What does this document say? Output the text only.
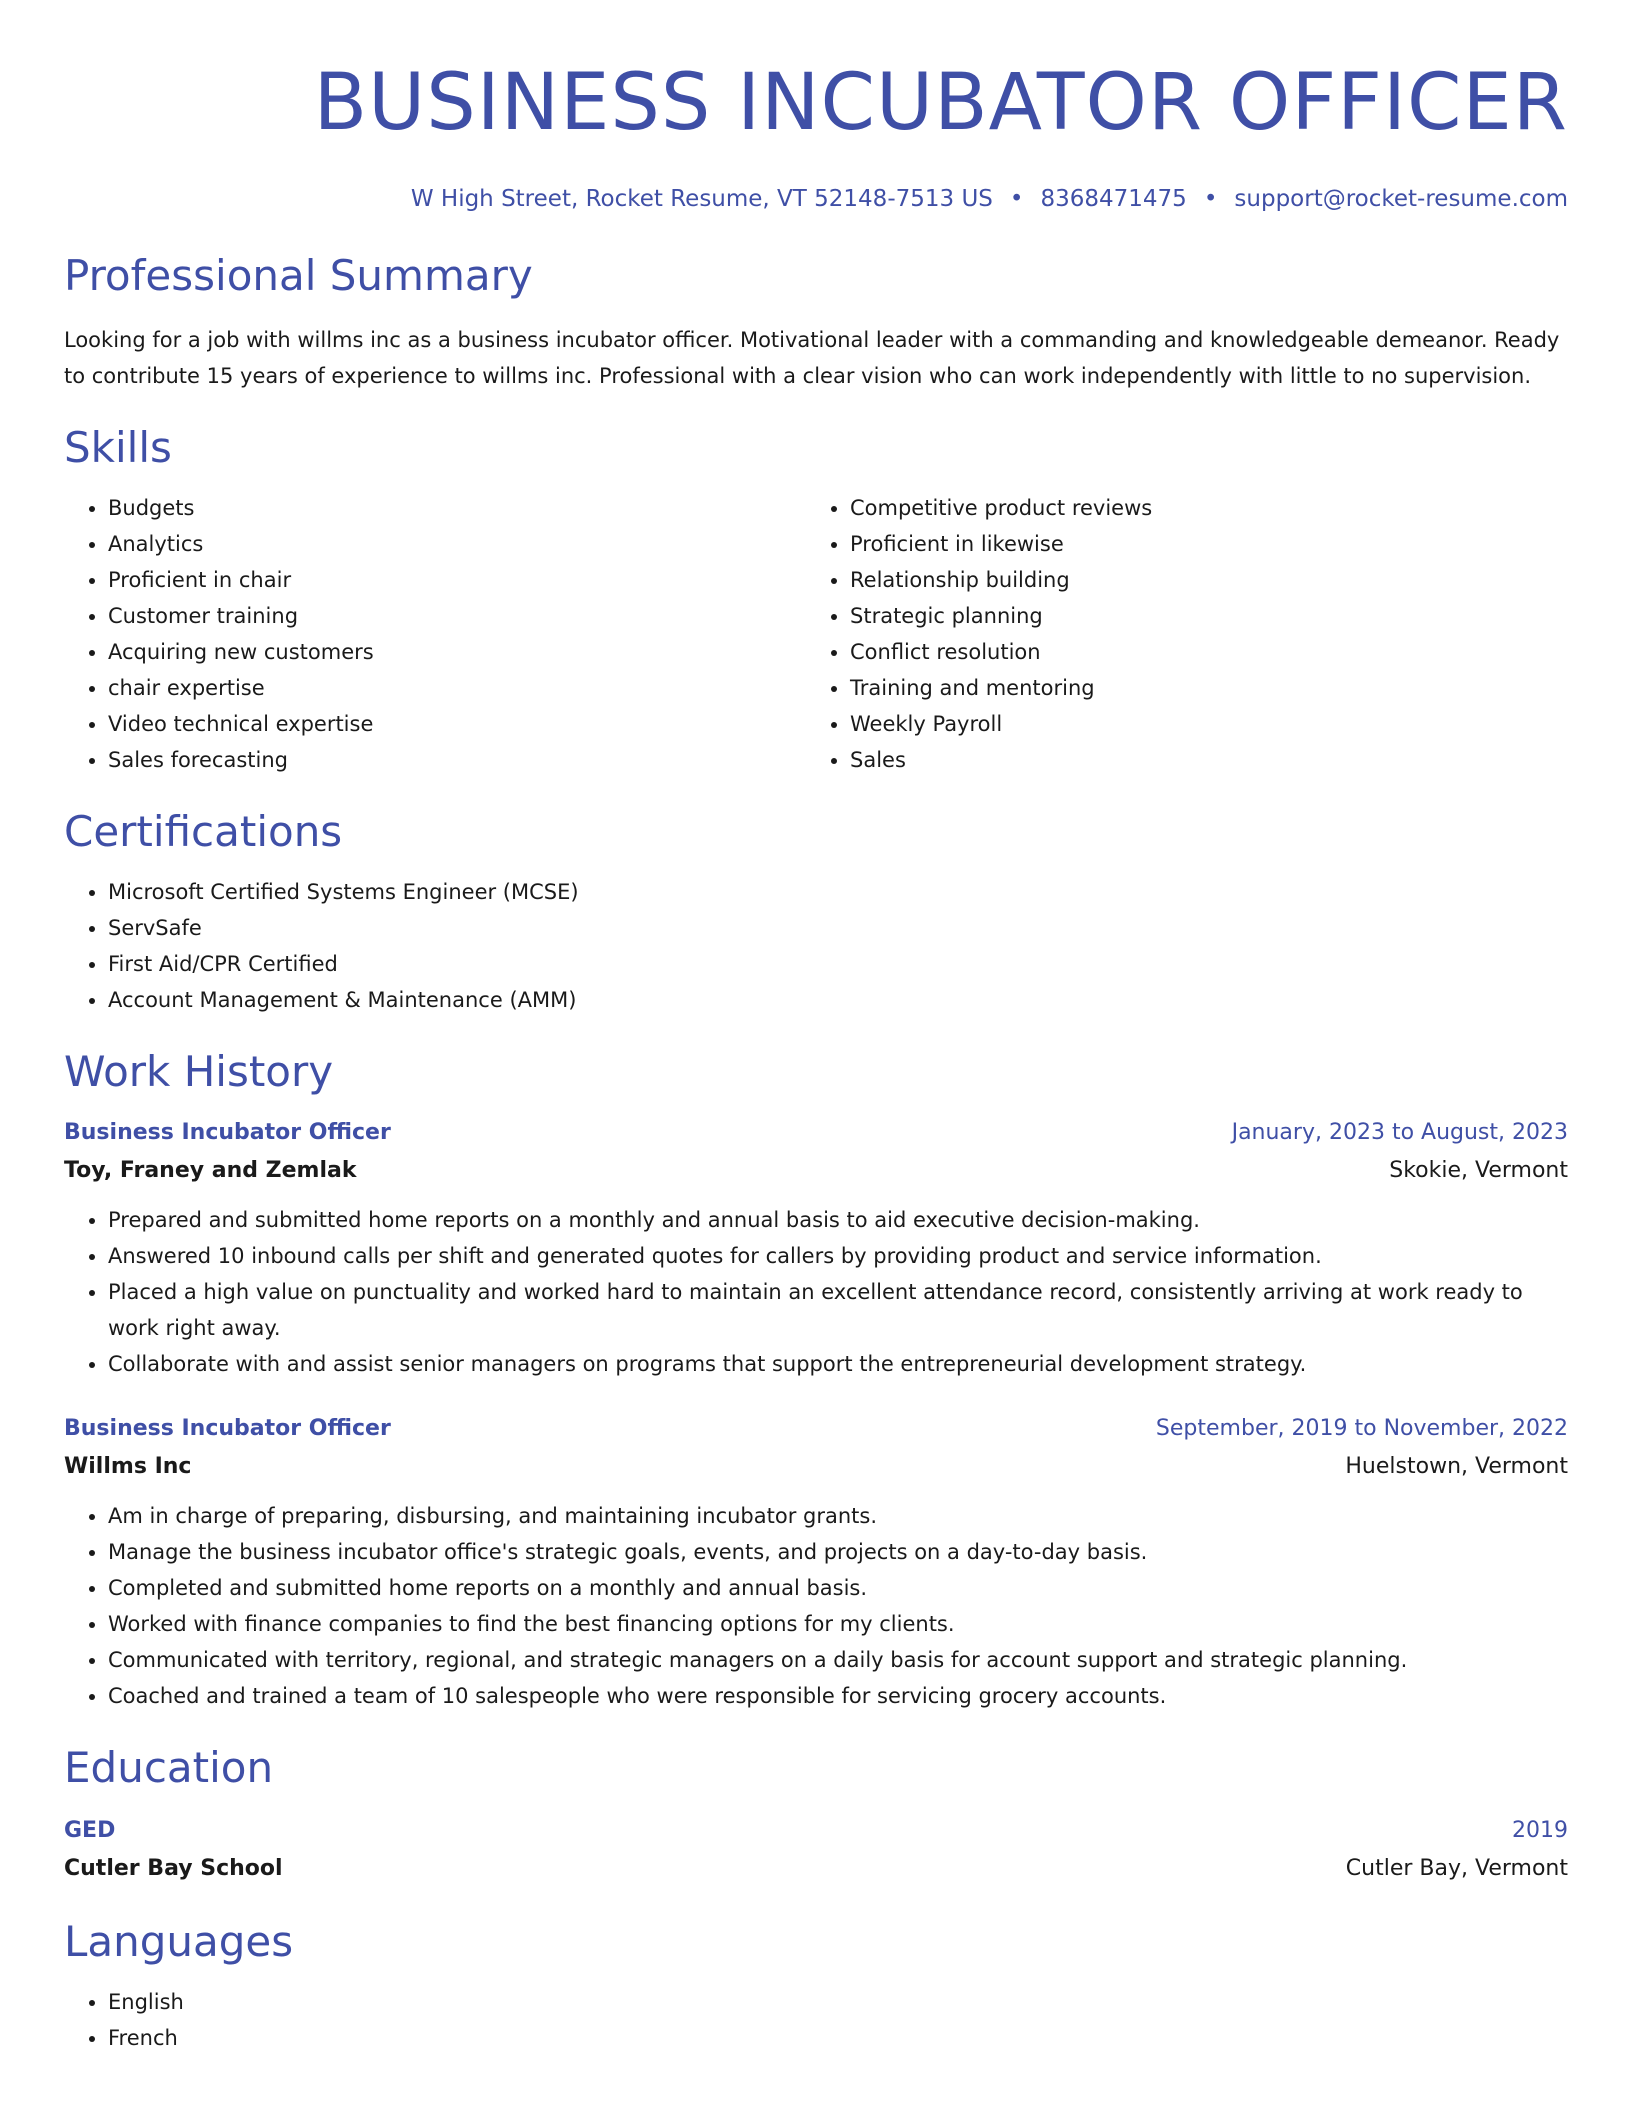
BUSINESS INCUBATOR OFFICER
W High Street, Rocket Resume, VT 52148-7513 US • 8368471475 • support@rocket-resume.com
Professional Summary

Looking for a job with willms inc as a business incubator officer. Motivational leader with a commanding and knowledgeable demeanor. Ready to contribute 15 years of experience to willms inc. Professional with a clear vision who can work independently with little to no supervision.

Skills
• Budgets
• Analytics
• Proficient in chair
• Customer training
• Acquiring new customers
• chair expertise
• Video technical expertise
• Sales forecasting
• Competitive product reviews
• Proficient in likewise
• Relationship building
• Strategic planning
• Conflict resolution
• Training and mentoring
• Weekly Payroll
• Sales
Certifications
• Microsoft Certified Systems Engineer (MCSE)
• ServSafe
• First Aid/CPR Certified
• Account Management & Maintenance (AMM)
Work History
Business Incubator Officer	January, 2023 to August, 2023
Toy, Franey and Zemlak	Skokie, Vermont
• Prepared and submitted home reports on a monthly and annual basis to aid executive decision-making.
• Answered 10 inbound calls per shift and generated quotes for callers by providing product and service information.
• Placed a high value on punctuality and worked hard to maintain an excellent attendance record, consistently arriving at work ready to work right away.
• Collaborate with and assist senior managers on programs that support the entrepreneurial development strategy.
Business Incubator Officer	September, 2019 to November, 2022
Willms Inc	Huelstown, Vermont
• Am in charge of preparing, disbursing, and maintaining incubator grants.
• Manage the business incubator office's strategic goals, events, and projects on a day-to-day basis.
• Completed and submitted home reports on a monthly and annual basis.
• Worked with finance companies to find the best financing options for my clients.
• Communicated with territory, regional, and strategic managers on a daily basis for account support and strategic planning.
• Coached and trained a team of 10 salespeople who were responsible for servicing grocery accounts.
Education
GED	2019
Cutler Bay School	Cutler Bay, Vermont
Languages
• English
• French
